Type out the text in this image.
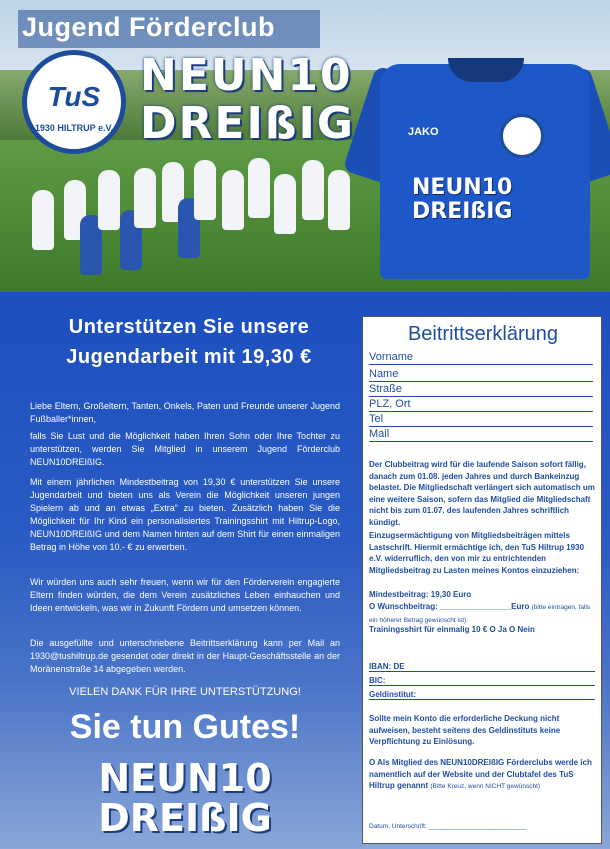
Jugend Förderclub
TuS
1930 HILTRUP e.V.
NEUN10
DREIßIG	JAKO
NEUN10
DREIßIG
Unterstützen Sie unsere
Jugendarbeit mit 19,30 €
Liebe Eltern, Großeltern, Tanten, Onkels, Paten und Freunde unserer Jugend Fußballer*innen,
falls Sie Lust und die Möglichkeit haben Ihren Sohn oder Ihre Tochter zu unterstützen, werden Sie Mitglied in unserem Jugend Förderclub NEUN10DREIßIG.
Mit einem jährlichen Mindestbeitrag von 19,30 € unterstützen Sie unsere Jugendarbeit und bieten uns als Verein die Möglichkeit unseren jungen Spielern ab und an etwas „Extra“ zu bieten. Zusätzlich haben Sie die Möglichkeit für Ihr Kind ein personalisiertes Trainingsshirt mit Hiltrup-Logo, NEUN10DREIßIG und dem Namen hinten auf dem Shirt für einen einmaligen Betrag in Höhe von 10.- € zu erwerben.
Wir würden uns auch sehr freuen, wenn wir für den Förderverein engagierte Eltern finden würden, die dem Verein zusätzliches Leben einhauchen und Ideen entwickeln, was wir in Zukunft Fördern und umsetzen können.
Die ausgefüllte und unterschriebene Beitrittserklärung kann per Mail an 1930@tushiltrup.de gesendet oder direkt in der Haupt-Geschäftsstelle an der Moränenstraße 14 abgegeben werden.
VIELEN DANK FÜR IHRE UNTERSTÜTZUNG!
Sie tun Gutes!
NEUN10
DREIßIG
Beitrittserklärung
Vorname
Name
Straße
PLZ, Ort
Tel
Mail
Der Clubbeitrag wird für die laufende Saison sofort fällig, danach zum 01.08. jeden Jahres und durch Bankeinzug belastet. Die Mitgliedschaft verlängert sich automatisch um eine weitere Saison, sofern das Mitglied die Mitgliedschaft nicht bis zum 01.07. des laufenden Jahres schriftlich kündigt.
Einzugsermächtigung von Mitgliedsbeiträgen mittels Lastschrift. Hiermit ermächtige ich, den TuS Hiltrup 1930 e.V. widerruflich, den von mir zu entrichtenden Mitgliedsbeitrag zu Lasten meines Kontos einzuziehen:
Mindestbeitrag: 19,30 Euro
O Wunschbeitrag: ________________Euro (bitte eintragen, falls ein höherer Betrag gewünscht ist)
Trainingsshirt für einmalig 10 € O Ja O Nein
IBAN: DE
BIC:
Geldinstitut:
Sollte mein Konto die erforderliche Deckung nicht aufweisen, besteht seitens des Geldinstituts keine Verpflichtung zu Einlösung.
O Als Mitglied des NEUN10DREIßIG Förderclubs werde ich namentlich auf der Website und der Clubtafel des TuS Hiltrup genannt (Bitte Kreuz, wenn NICHT gewünscht)
Datum, Unterschrift: ___________________________
